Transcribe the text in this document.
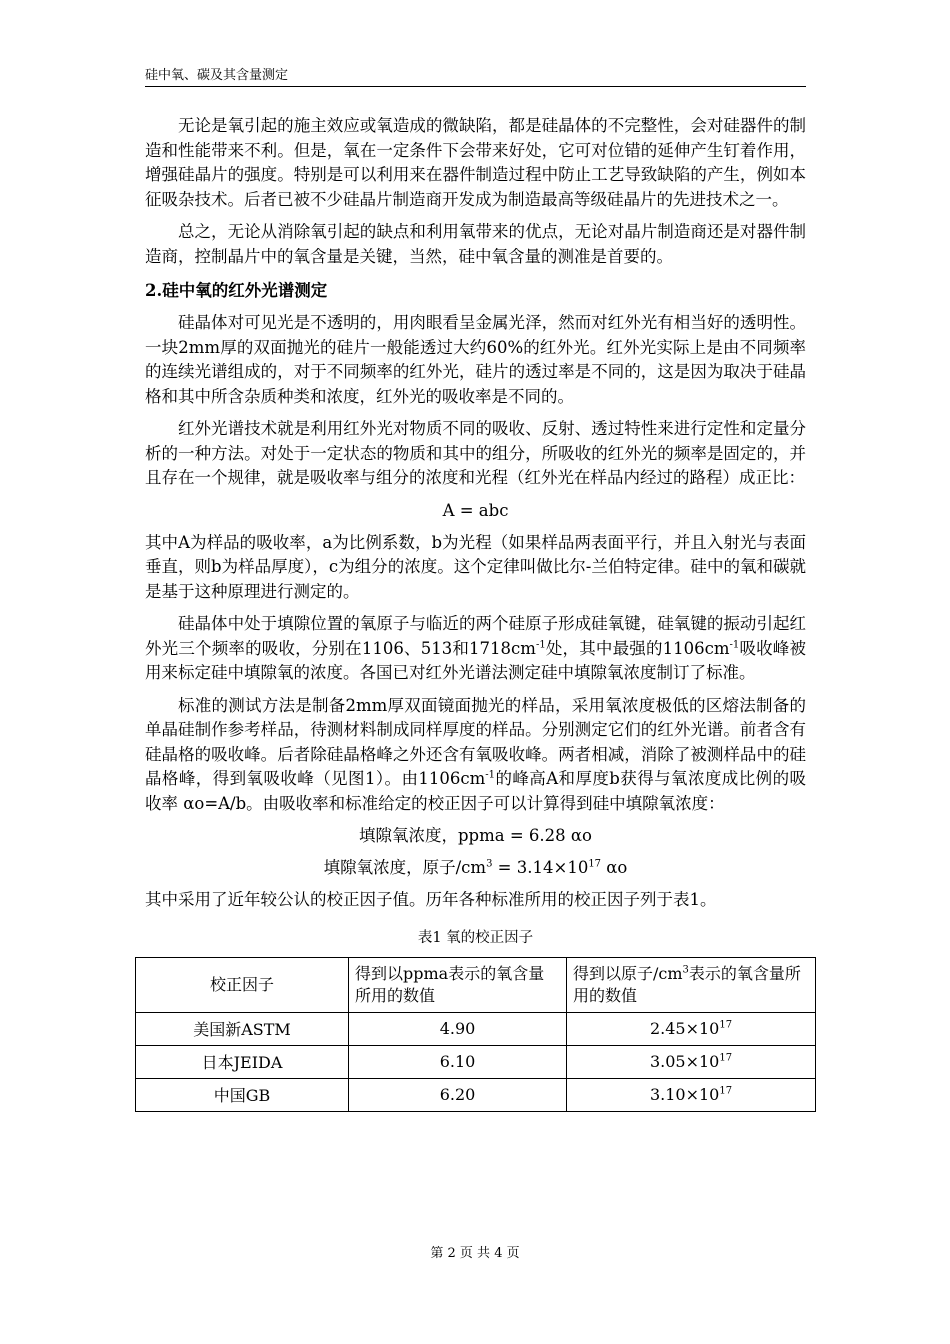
硅中氧、碳及其含量测定

无论是氧引起的施主效应或氧造成的微缺陷，都是硅晶体的不完整性，会对硅器件的制造和性能带来不利。但是，氧在一定条件下会带来好处，它可对位错的延伸产生钉着作用，增强硅晶片的强度。特别是可以利用来在器件制造过程中防止工艺导致缺陷的产生，例如本征吸杂技术。后者已被不少硅晶片制造商开发成为制造最高等级硅晶片的先进技术之一。

总之，无论从消除氧引起的缺点和利用氧带来的优点，无论对晶片制造商还是对器件制造商，控制晶片中的氧含量是关键，当然，硅中氧含量的测准是首要的。

2.硅中氧的红外光谱测定

硅晶体对可见光是不透明的，用肉眼看呈金属光泽，然而对红外光有相当好的透明性。一块2mm厚的双面抛光的硅片一般能透过大约60%的红外光。红外光实际上是由不同频率的连续光谱组成的，对于不同频率的红外光，硅片的透过率是不同的，这是因为取决于硅晶格和其中所含杂质种类和浓度，红外光的吸收率是不同的。

红外光谱技术就是利用红外光对物质不同的吸收、反射、透过特性来进行定性和定量分析的一种方法。对处于一定状态的物质和其中的组分，所吸收的红外光的频率是固定的，并且存在一个规律，就是吸收率与组分的浓度和光程（红外光在样品内经过的路程）成正比：

A = abc

其中A为样品的吸收率，a为比例系数，b为光程（如果样品两表面平行，并且入射光与表面垂直，则b为样品厚度），c为组分的浓度。这个定律叫做比尔-兰伯特定律。硅中的氧和碳就是基于这种原理进行测定的。

硅晶体中处于填隙位置的氧原子与临近的两个硅原子形成硅氧键，硅氧键的振动引起红外光三个频率的吸收，分别在1106、513和$1718cm^{-1}$处，其中最强的$1106cm^{-1}$吸收峰被用来标定硅中填隙氧的浓度。各国已对红外光谱法测定硅中填隙氧浓度制订了标准。

标准的测试方法是制备2mm厚双面镜面抛光的样品，采用氧浓度极低的区熔法制备的单晶硅制作参考样品，待测材料制成同样厚度的样品。分别测定它们的红外光谱。前者含有硅晶格的吸收峰。后者除硅晶格峰之外还含有氧吸收峰。两者相减，消除了被测样品中的硅晶格峰，得到氧吸收峰（见图1）。由$1106cm^{-1}$的峰高A和厚度b获得与氧浓度成比例的吸收率 αo=A/b。由吸收率和标准给定的校正因子可以计算得到硅中填隙氧浓度：

填隙氧浓度，ppma = 6.28 αo
填隙氧浓度，原子$/cm^3 = 3.14\times 10^{17}$ αo

其中采用了近年较公认的校正因子值。历年各种标准所用的校正因子列于表1。

表1 氧的校正因子
校正因子	得到以ppma表示的氧含量所用的数值	得到以原子$/cm^3$表示的氧含量所用的数值
美国新ASTM	4.90	$2.45\times 10^{17}$
日本JEIDA	6.10	$3.05\times 10^{17}$
中国GB	6.20	$3.10\times 10^{17}$
第 2 页 共 4 页
